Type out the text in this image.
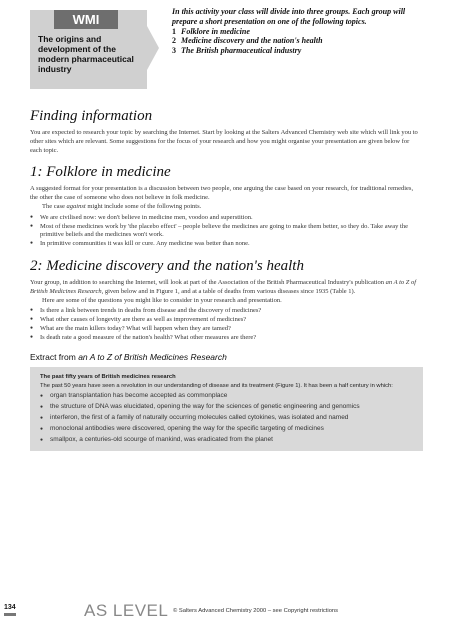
WMI
The origins and
development of the
modern pharmaceutical
industry
In this activity your class will divide into three groups. Each group will prepare a short presentation on one of the following topics.
1 Folklore in medicine
2 Medicine discovery and the nation's health
3 The British pharmaceutical industry
Finding information

You are expected to research your topic by searching the Internet. Start by looking at the Salters Advanced Chemistry web site which will link you to other sites which are relevant. Some suggestions for the focus of your research and how you might organise your presentation are given below for each topic.

1: Folklore in medicine

A suggested format for your presentation is a discussion between two people, one arguing the case based on your research, for traditional remedies, the other the case of someone who does not believe in folk medicine.

The case against might include some of the following points.

● We are civilised now: we don't believe in medicine men, voodoo and superstition.
● Most of these medicines work by 'the placebo effect' – people believe the medicines are going to make them better, so they do. Take away the primitive beliefs and the medicines won't work.
● In primitive communities it was kill or cure. Any medicine was better than none.
2: Medicine discovery and the nation's health

Your group, in addition to searching the Internet, will look at part of the Association of the British Pharmaceutical Industry's publication an A to Z of British Medicines Research, given below and in Figure 1, and at a table of deaths from various diseases since 1935 (Table 1).

Here are some of the questions you might like to consider in your research and presentation.

● Is there a link between trends in deaths from disease and the discovery of medicines?
● What other causes of longevity are there as well as improvement of medicines?
● What are the main killers today? What will happen when they are tamed?
● Is death rate a good measure of the nation's health? What other measures are there?
Extract from an A to Z of British Medicines Research
The past fifty years of British medicines research

The past 50 years have seen a revolution in our understanding of disease and its treatment (Figure 1). It has been a half century in which:

● organ transplantation has become accepted as commonplace
● the structure of DNA was elucidated, opening the way for the sciences of genetic engineering and genomics
● interferon, the first of a family of naturally occurring molecules called cytokines, was isolated and named
● monoclonal antibodies were discovered, opening the way for the specific targeting of medicines
● smallpox, a centuries-old scourge of mankind, was eradicated from the planet
134	AS LEVEL © Salters Advanced Chemistry 2000 – see Copyright restrictions
